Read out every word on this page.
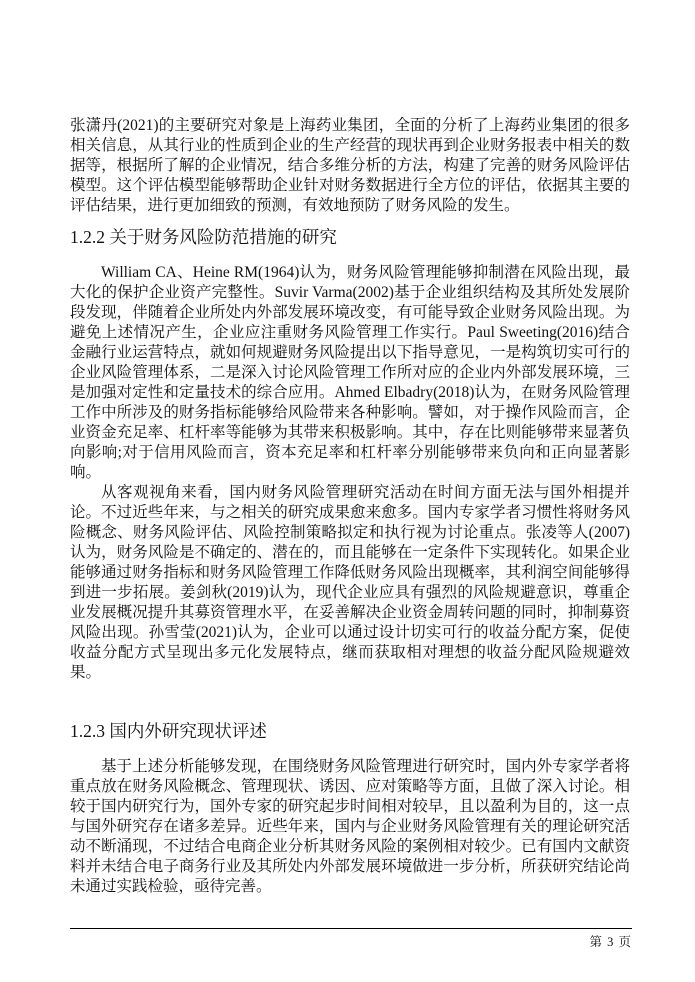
张潇丹(2021)的主要研究对象是上海药业集团，全面的分析了上海药业集团的很多相关信息，从其行业的性质到企业的生产经营的现状再到企业财务报表中相关的数据等，根据所了解的企业情况，结合多维分析的方法，构建了完善的财务风险评估模型。这个评估模型能够帮助企业针对财务数据进行全方位的评估，依据其主要的评估结果，进行更加细致的预测，有效地预防了财务风险的发生。

1.2.2 关于财务风险防范措施的研究

William CA、Heine RM(1964)认为，财务风险管理能够抑制潜在风险出现，最大化的保护企业资产完整性。Suvir Varma(2002)基于企业组织结构及其所处发展阶段发现，伴随着企业所处内外部发展环境改变，有可能导致企业财务风险出现。为避免上述情况产生，企业应注重财务风险管理工作实行。Paul Sweeting(2016)结合金融行业运营特点，就如何规避财务风险提出以下指导意见，一是构筑切实可行的企业风险管理体系，二是深入讨论风险管理工作所对应的企业内外部发展环境，三是加强对定性和定量技术的综合应用。Ahmed Elbadry(2018)认为，在财务风险管理工作中所涉及的财务指标能够给风险带来各种影响。譬如，对于操作风险而言，企业资金充足率、杠杆率等能够为其带来积极影响。其中，存在比则能够带来显著负向影响;对于信用风险而言，资本充足率和杠杆率分别能够带来负向和正向显著影响。

从客观视角来看，国内财务风险管理研究活动在时间方面无法与国外相提并论。不过近些年来，与之相关的研究成果愈来愈多。国内专家学者习惯性将财务风险概念、财务风险评估、风险控制策略拟定和执行视为讨论重点。张凌等人(2007)认为，财务风险是不确定的、潜在的，而且能够在一定条件下实现转化。如果企业能够通过财务指标和财务风险管理工作降低财务风险出现概率，其利润空间能够得到进一步拓展。姜剑秋(2019)认为，现代企业应具有强烈的风险规避意识，尊重企业发展概况提升其募资管理水平，在妥善解决企业资金周转问题的同时，抑制募资风险出现。孙雪莹(2021)认为，企业可以通过设计切实可行的收益分配方案，促使收益分配方式呈现出多元化发展特点，继而获取相对理想的收益分配风险规避效果。

1.2.3 国内外研究现状评述

基于上述分析能够发现，在围绕财务风险管理进行研究时，国内外专家学者将重点放在财务风险概念、管理现状、诱因、应对策略等方面，且做了深入讨论。相较于国内研究行为，国外专家的研究起步时间相对较早，且以盈利为目的，这一点与国外研究存在诸多差异。近些年来，国内与企业财务风险管理有关的理论研究活动不断涌现，不过结合电商企业分析其财务风险的案例相对较少。已有国内文献资料并未结合电子商务行业及其所处内外部发展环境做进一步分析，所获研究结论尚未通过实践检验，亟待完善。

第 3 页
